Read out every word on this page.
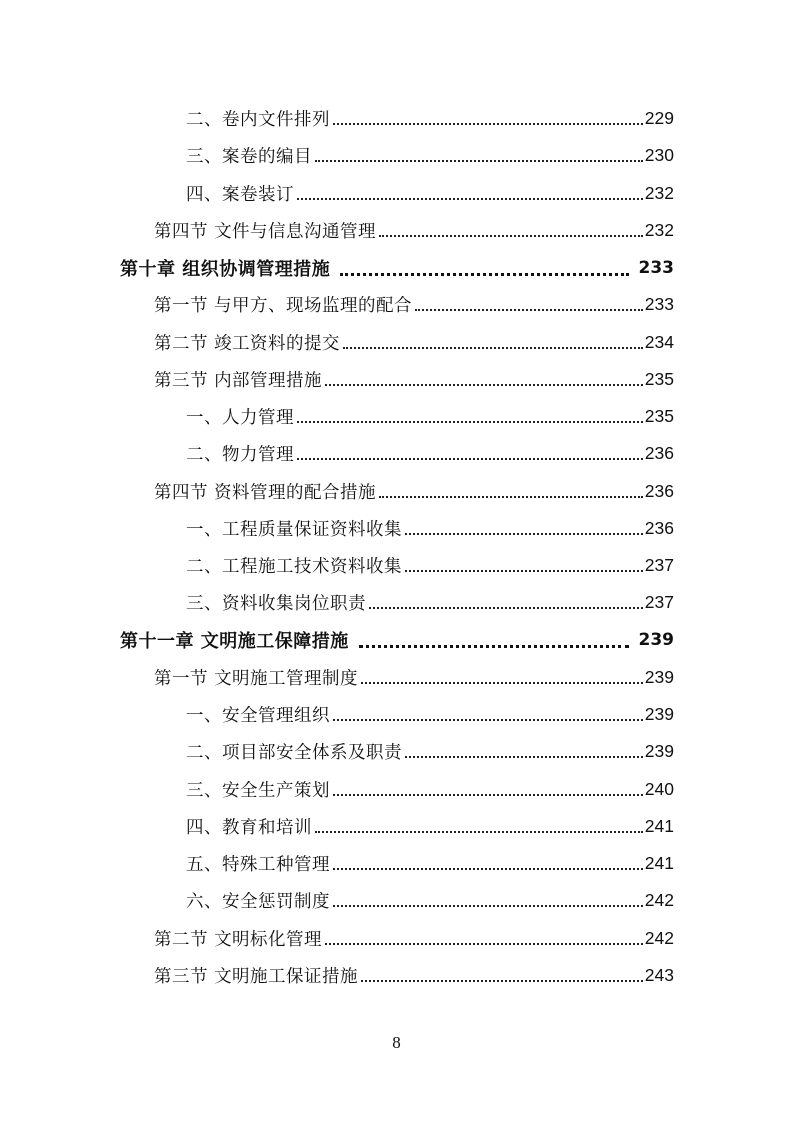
二、卷内文件排列	229
三、案卷的编目	230
四、案卷装订	232
第四节 文件与信息沟通管理	232
第十章 组织协调管理措施	233
第一节 与甲方、现场监理的配合	233
第二节 竣工资料的提交	234
第三节 内部管理措施	235
一、人力管理	235
二、物力管理	236
第四节 资料管理的配合措施	236
一、工程质量保证资料收集	236
二、工程施工技术资料收集	237
三、资料收集岗位职责	237
第十一章 文明施工保障措施	239
第一节 文明施工管理制度	239
一、安全管理组织	239
二、项目部安全体系及职责	239
三、安全生产策划	240
四、教育和培训	241
五、特殊工种管理	241
六、安全惩罚制度	242
第二节 文明标化管理	242
第三节 文明施工保证措施	243
8
